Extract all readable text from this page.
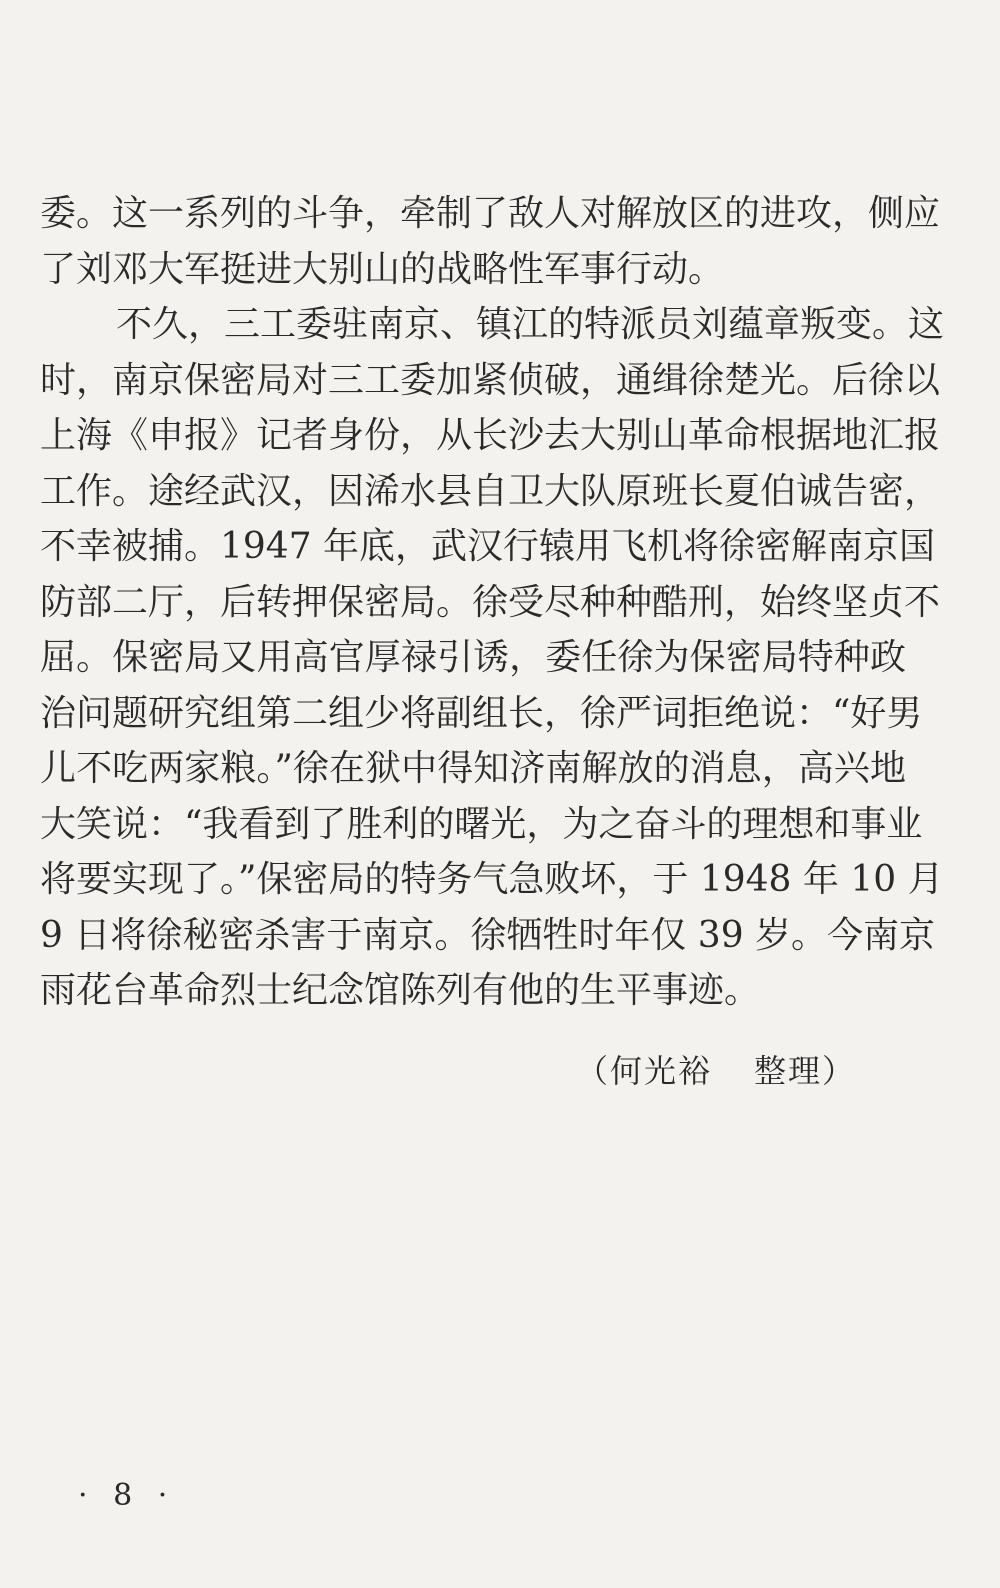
委。这一系列的斗争，牵制了敌人对解放区的进攻，侧应
了刘邓大军挺进大别山的战略性军事行动。
不久，三工委驻南京、镇江的特派员刘蕴章叛变。这
时，南京保密局对三工委加紧侦破，通缉徐楚光。后徐以
上海《申报》记者身份，从长沙去大别山革命根据地汇报
工作。途经武汉，因浠水县自卫大队原班长夏伯诚告密，
不幸被捕。1947 年底，武汉行辕用飞机将徐密解南京国
防部二厅，后转押保密局。徐受尽种种酷刑，始终坚贞不
屈。保密局又用高官厚禄引诱，委任徐为保密局特种政
治问题研究组第二组少将副组长，徐严词拒绝说：“好男
儿不吃两家粮。”徐在狱中得知济南解放的消息，高兴地
大笑说：“我看到了胜利的曙光，为之奋斗的理想和事业
将要实现了。”保密局的特务气急败坏，于 1948 年 10 月
9 日将徐秘密杀害于南京。徐牺牲时年仅 39 岁。今南京
雨花台革命烈士纪念馆陈列有他的生平事迹。
（何光裕 整理）
· 8 ·
